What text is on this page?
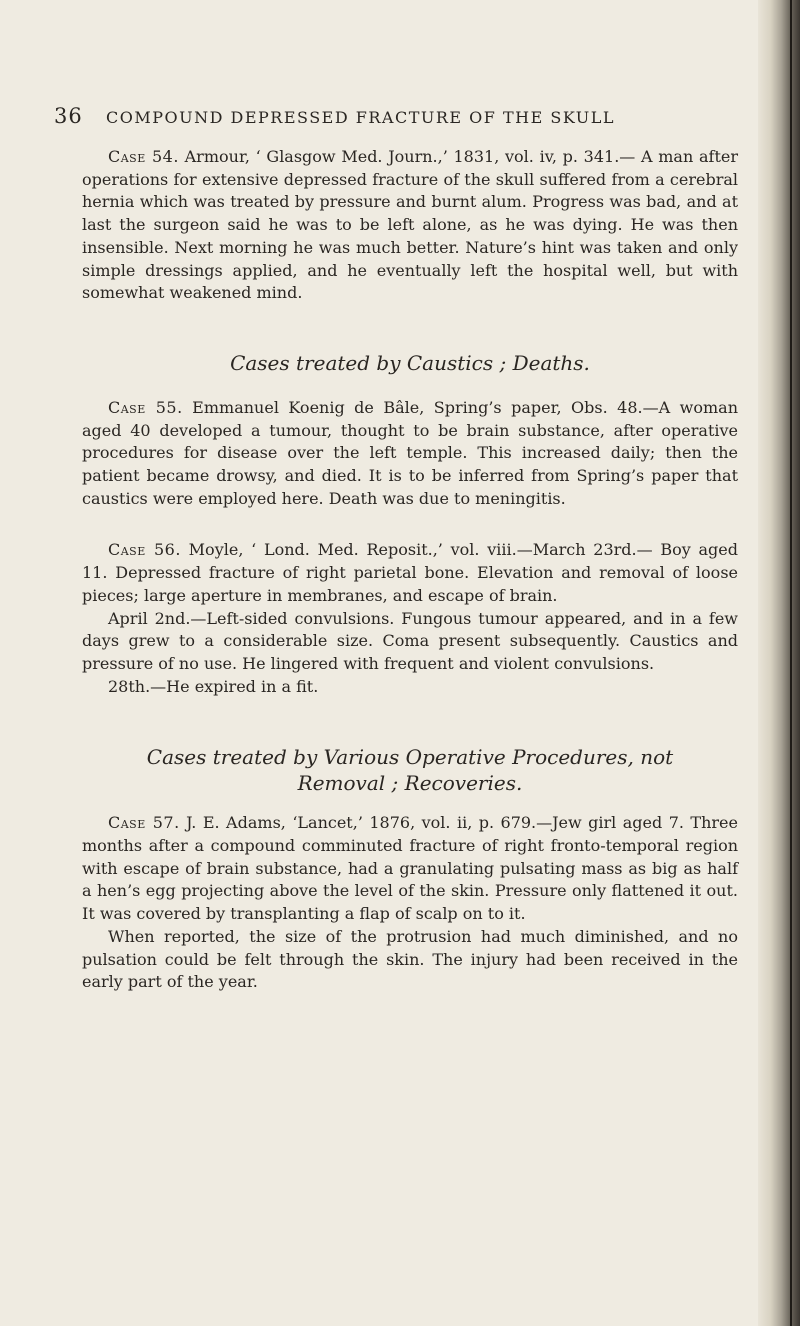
36 COMPOUND DEPRESSED FRACTURE OF THE SKULL

Case 54. Armour, ‘ Glasgow Med. Journ.,’ 1831, vol. iv, p. 341.— A man after operations for extensive depressed fracture of the skull suffered from a cerebral hernia which was treated by pressure and burnt alum. Progress was bad, and at last the surgeon said he was to be left alone, as he was dying. He was then insensible. Next morning he was much better. Nature’s hint was taken and only simple dressings applied, and he eventually left the hospital well, but with somewhat weakened mind.

Cases treated by Caustics ; Deaths.

Case 55. Emmanuel Koenig de Bâle, Spring’s paper, Obs. 48.—A woman aged 40 developed a tumour, thought to be brain substance, after operative procedures for disease over the left temple. This increased daily; then the patient became drowsy, and died. It is to be inferred from Spring’s paper that caustics were employed here. Death was due to meningitis.

Case 56. Moyle, ‘ Lond. Med. Reposit.,’ vol. viii.—March 23rd.— Boy aged 11. Depressed fracture of right parietal bone. Elevation and removal of loose pieces; large aperture in membranes, and escape of brain.

April 2nd.—Left-sided convulsions. Fungous tumour appeared, and in a few days grew to a considerable size. Coma present subsequently. Caustics and pressure of no use. He lingered with frequent and violent convulsions.

28th.—He expired in a fit.

Cases treated by Various Operative Procedures, not Removal ; Recoveries.

Case 57. J. E. Adams, ‘Lancet,’ 1876, vol. ii, p. 679.—Jew girl aged 7. Three months after a compound comminuted fracture of right fronto-temporal region with escape of brain substance, had a granulating pulsating mass as big as half a hen’s egg projecting above the level of the skin. Pressure only flattened it out. It was covered by transplanting a flap of scalp on to it.

When reported, the size of the protrusion had much diminished, and no pulsation could be felt through the skin. The injury had been received in the early part of the year.
